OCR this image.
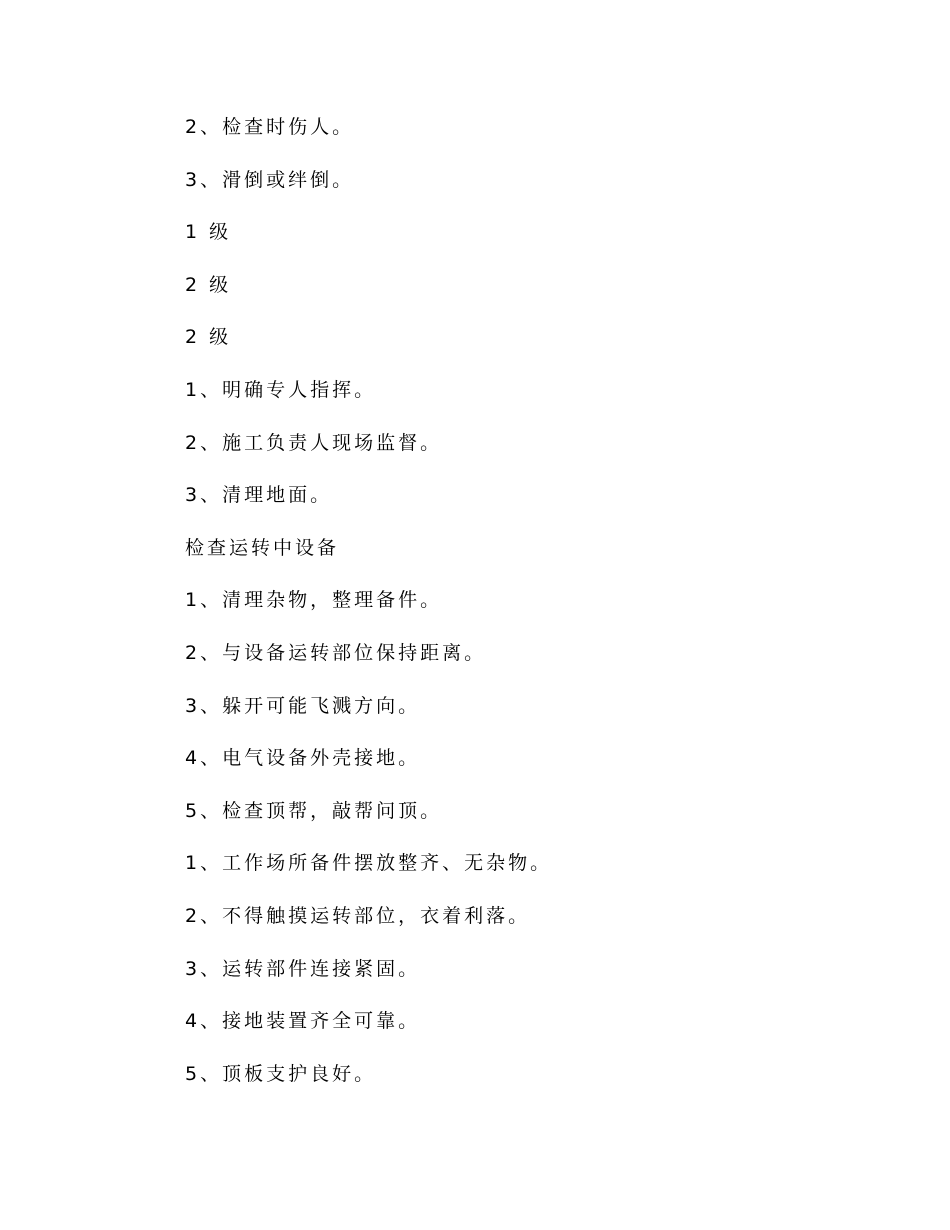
2、检查时伤人。
3、滑倒或绊倒。
1 级
2 级
2 级
1、明确专人指挥。
2、施工负责人现场监督。
3、清理地面。
检查运转中设备
1、清理杂物，整理备件。
2、与设备运转部位保持距离。
3、躲开可能飞溅方向。
4、电气设备外壳接地。
5、检查顶帮，敲帮问顶。
1、工作场所备件摆放整齐、无杂物。
2、不得触摸运转部位，衣着利落。
3、运转部件连接紧固。
4、接地装置齐全可靠。
5、顶板支护良好。
